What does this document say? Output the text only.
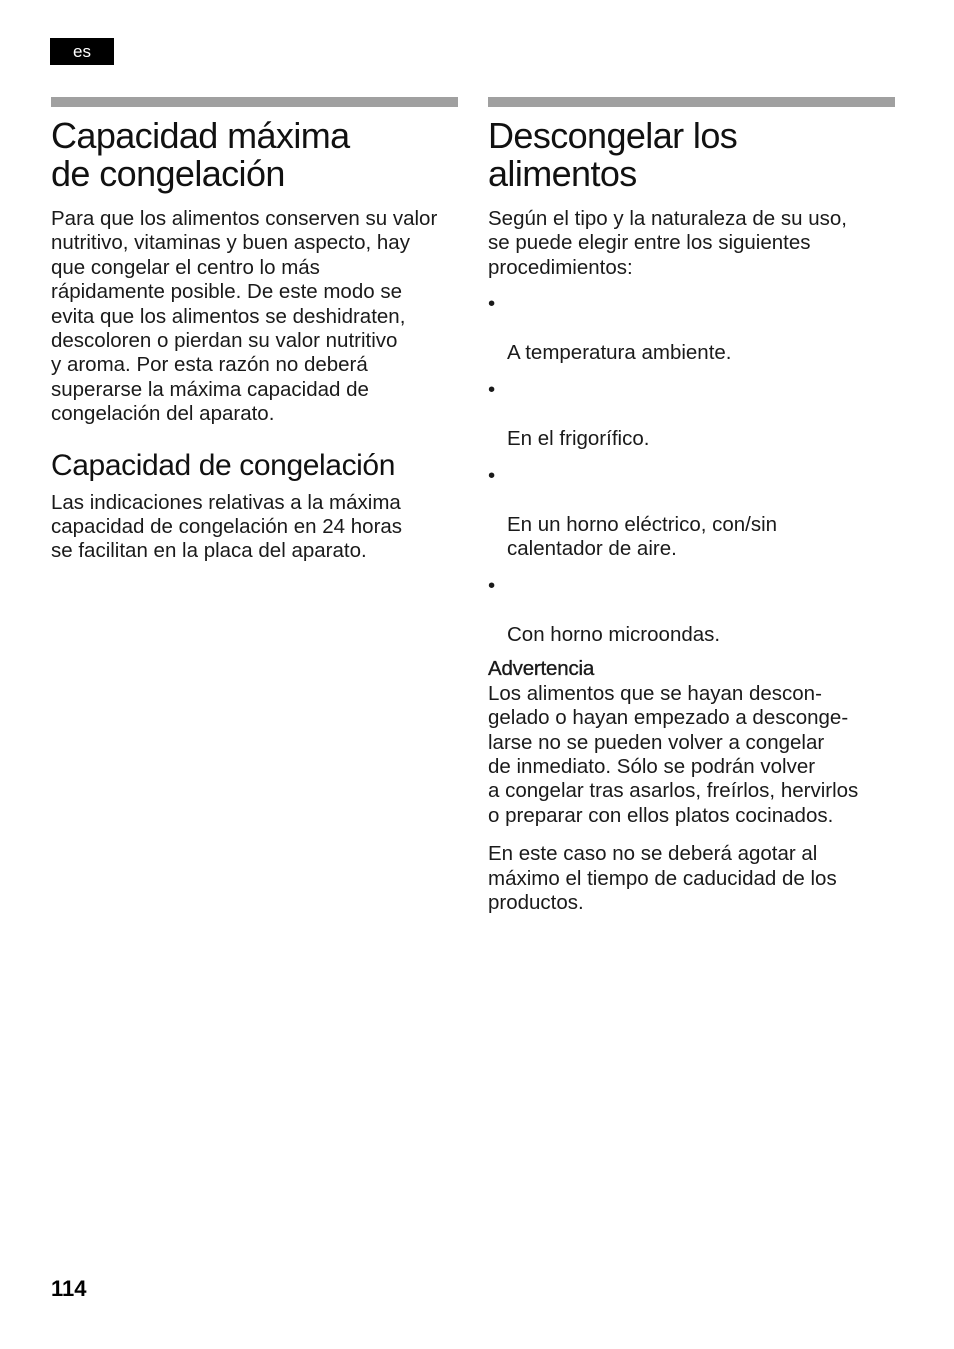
es
Capacidad máxima
de congelación

Para que los alimentos conserven su valor
nutritivo, vitaminas y buen aspecto, hay
que congelar el centro lo más
rápidamente posible. De este modo se
evita que los alimentos se deshidraten,
descoloren o pierdan su valor nutritivo
y aroma. Por esta razón no deberá
superarse la máxima capacidad de
congelación del aparato.

Capacidad de congelación

Las indicaciones relativas a la máxima
capacidad de congelación en 24 horas
se facilitan en la placa del aparato.

Descongelar los
alimentos

Según el tipo y la naturaleza de su uso,
se puede elegir entre los siguientes
procedimientos:

•

A temperatura ambiente.

•

En el frigorífico.

•

En un horno eléctrico, con/sin
calentador de aire.

•

Con horno microondas.

Advertencia

Los alimentos que se hayan descon-
gelado o hayan empezado a desconge-
larse no se pueden volver a congelar
de inmediato. Sólo se podrán volver
a congelar tras asarlos, freírlos, hervirlos
o preparar con ellos platos cocinados.

En este caso no se deberá agotar al
máximo el tiempo de caducidad de los
productos.

114
